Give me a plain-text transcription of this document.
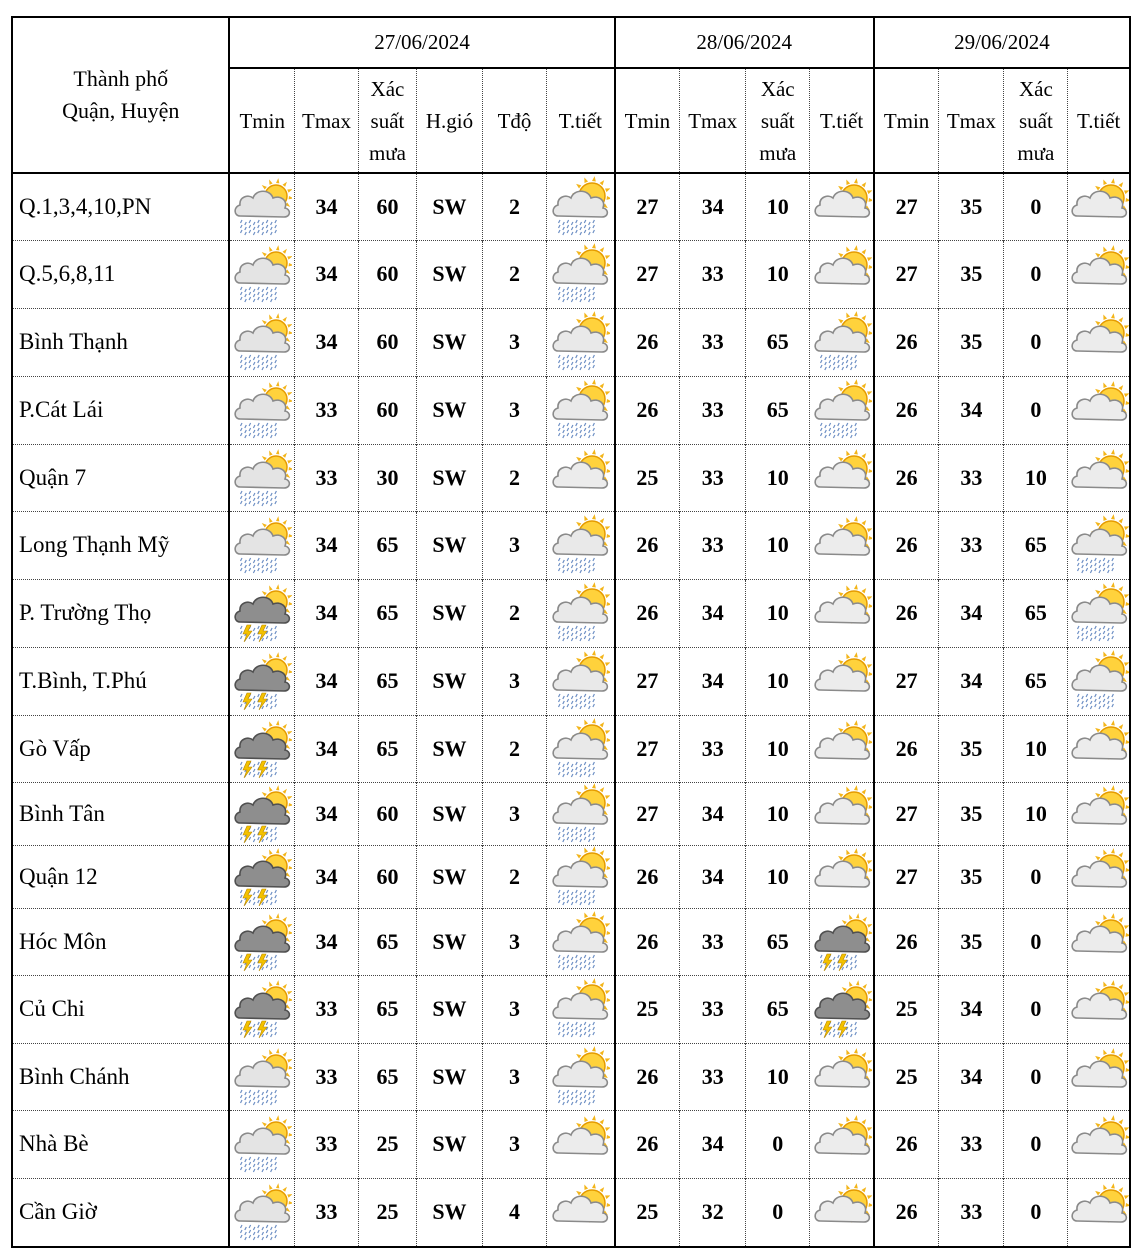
Thành phố
Quận, Huyện	27/06/2024						28/06/2024				29/06/2024			
	Tmin	Tmax	Xác
suất
mưa	H.gió	Tđộ	T.tiết	Tmin	Tmax	Xác
suất
mưa	T.tiết	Tmin	Tmax	Xác
suất
mưa	T.tiết
Q.1,3,4,10,PN		34	60	SW	2		27	34	10		27	35	0	

Q.5,6,8,11		34	60	SW	2		27	33	10		27	35	0	

Bình Thạnh		34	60	SW	3		26	33	65		26	35	0	

P.Cát Lái		33	60	SW	3		26	33	65		26	34	0	

Quận 7		33	30	SW	2		25	33	10		26	33	10	

Long Thạnh Mỹ		34	65	SW	3		26	33	10		26	33	65	

P. Trường Thọ		34	65	SW	2		26	34	10		26	34	65	

T.Bình, T.Phú		34	65	SW	3		27	34	10		27	34	65	

Gò Vấp		34	65	SW	2		27	33	10		26	35	10	

Bình Tân		34	60	SW	3		27	34	10		27	35	10	

Quận 12		34	60	SW	2		26	34	10		27	35	0	

Hóc Môn		34	65	SW	3		26	33	65		26	35	0	

Củ Chi		33	65	SW	3		25	33	65		25	34	0	

Bình Chánh		33	65	SW	3		26	33	10		25	34	0	

Nhà Bè		33	25	SW	3		26	34	0		26	33	0	

Cần Giờ		33	25	SW	4		25	32	0		26	33	0	
